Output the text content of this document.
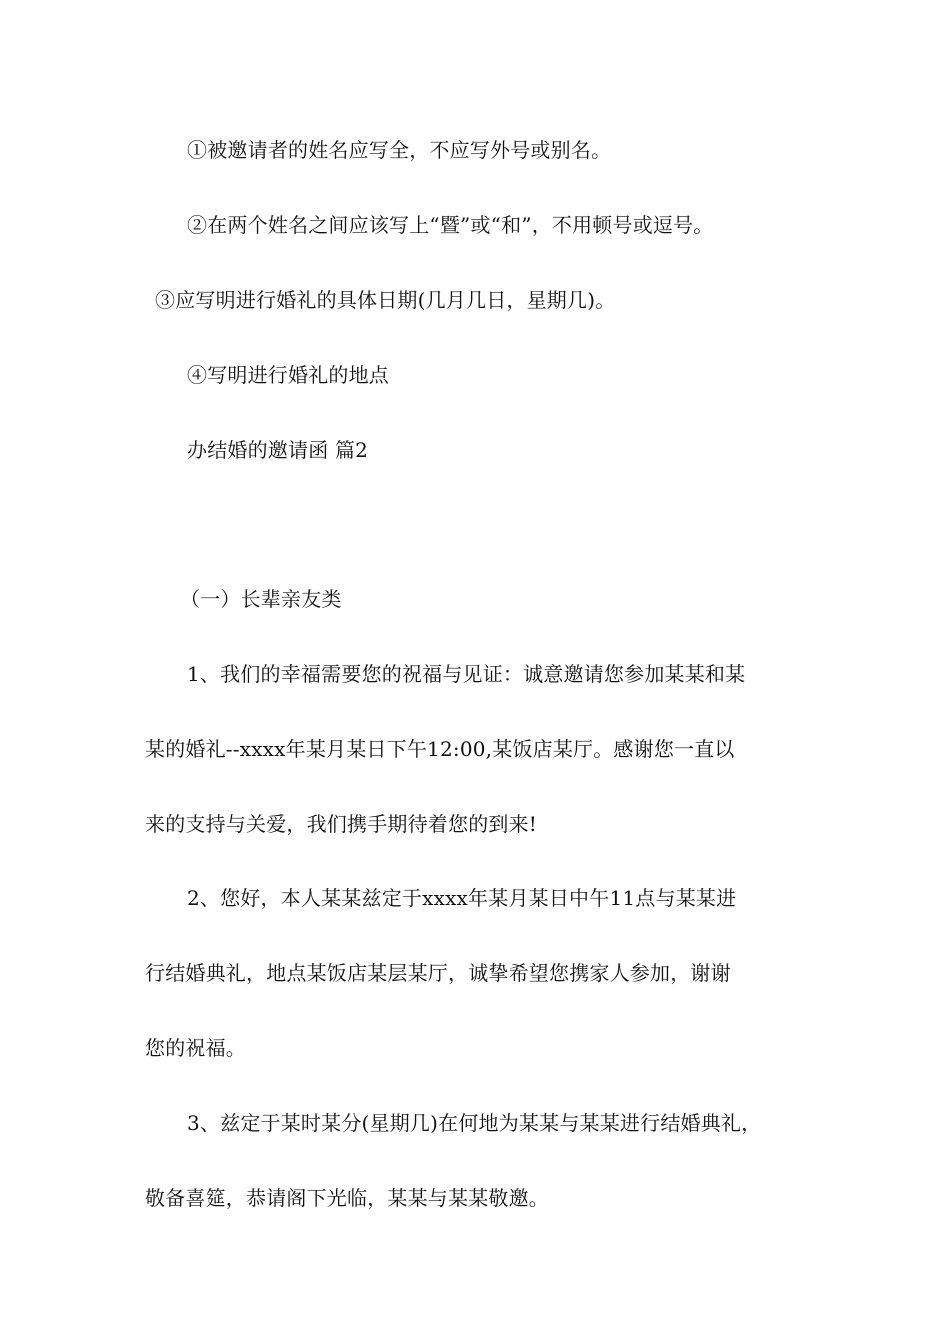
①被邀请者的姓名应写全，不应写外号或别名。
②在两个姓名之间应该写上“暨”或“和”，不用顿号或逗号。
③应写明进行婚礼的具体日期(几月几日，星期几)。
④写明进行婚礼的地点
办结婚的邀请函 篇2
（一）长辈亲友类
1、我们的幸福需要您的祝福与见证：诚意邀请您参加某某和某
某的婚礼--xxxx年某月某日下午12:00,某饭店某厅。感谢您一直以
来的支持与关爱，我们携手期待着您的到来!
2、您好，本人某某兹定于xxxx年某月某日中午11点与某某进
行结婚典礼，地点某饭店某层某厅，诚挚希望您携家人参加，谢谢
您的祝福。
3、兹定于某时某分(星期几)在何地为某某与某某进行结婚典礼，
敬备喜筵，恭请阁下光临，某某与某某敬邀。
